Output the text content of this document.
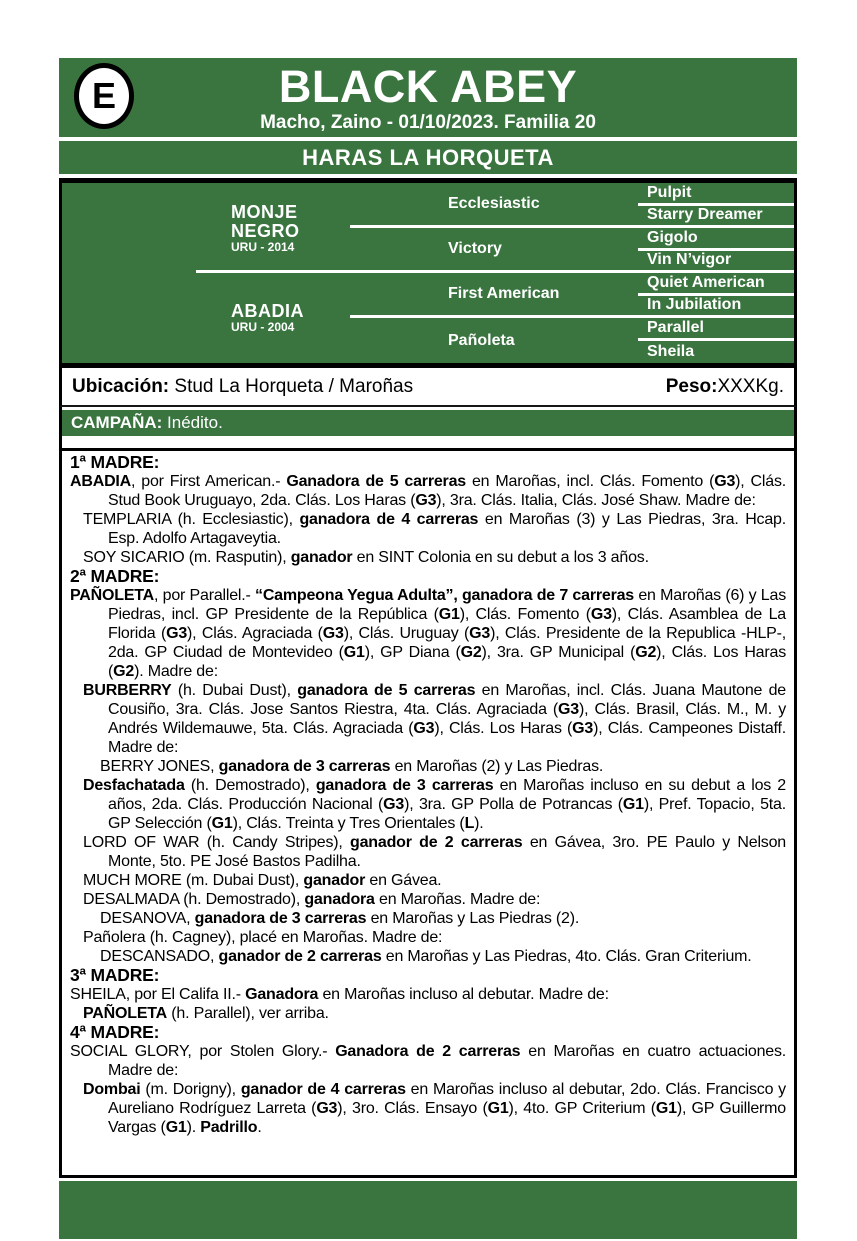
E	BLACK ABEY
Macho, Zaino - 01/10/2023. Familia 20
HARAS LA HORQUETA
MONJE NEGRO
URU - 2014
Ecclesiastic
Pulpit
Starry Dreamer
Victory
Gigolo
Vin N’vigor
ABADIA
URU - 2004
First American
Quiet American
In Jubilation
Pañoleta
Parallel
Sheila
Ubicación: Stud La Horqueta / Maroñas	Peso:XXXKg.
CAMPAÑA:
Inédito.
1ª MADRE:

ABADIA, por First American.- Ganadora de 5 carreras en Maroñas, incl. Clás. Fomento (G3), Clás. Stud Book Uruguayo, 2da. Clás. Los Haras (G3), 3ra. Clás. Italia, Clás. José Shaw. Madre de:

TEMPLARIA (h. Ecclesiastic), ganadora de 4 carreras en Maroñas (3) y Las Piedras, 3ra. Hcap. Esp. Adolfo Artagaveytia.

SOY SICARIO (m. Rasputin), ganador en SINT Colonia en su debut a los 3 años.

2ª MADRE:

PAÑOLETA, por Parallel.- “Campeona Yegua Adulta”, ganadora de 7 carreras en Maroñas (6) y Las Piedras, incl. GP Presidente de la República (G1), Clás. Fomento (G3), Clás. Asamblea de La Florida (G3), Clás. Agraciada (G3), Clás. Uruguay (G3), Clás. Presidente de la Republica -HLP-, 2da. GP Ciudad de Montevideo (G1), GP Diana (G2), 3ra. GP Municipal (G2), Clás. Los Haras (G2). Madre de:

BURBERRY (h. Dubai Dust), ganadora de 5 carreras en Maroñas, incl. Clás. Juana Mautone de Cousiño, 3ra. Clás. Jose Santos Riestra, 4ta. Clás. Agraciada (G3), Clás. Brasil, Clás. M., M. y Andrés Wildemauwe, 5ta. Clás. Agraciada (G3), Clás. Los Haras (G3), Clás. Campeones Distaff. Madre de:

BERRY JONES, ganadora de 3 carreras en Maroñas (2) y Las Piedras.

Desfachatada (h. Demostrado), ganadora de 3 carreras en Maroñas incluso en su debut a los 2 años, 2da. Clás. Producción Nacional (G3), 3ra. GP Polla de Potrancas (G1), Pref. Topacio, 5ta. GP Selección (G1), Clás. Treinta y Tres Orientales (L).

LORD OF WAR (h. Candy Stripes), ganador de 2 carreras en Gávea, 3ro. PE Paulo y Nelson Monte, 5to. PE José Bastos Padilha.

MUCH MORE (m. Dubai Dust), ganador en Gávea.

DESALMADA (h. Demostrado), ganadora en Maroñas. Madre de:

DESANOVA, ganadora de 3 carreras en Maroñas y Las Piedras (2).

Pañolera (h. Cagney), placé en Maroñas. Madre de:

DESCANSADO, ganador de 2 carreras en Maroñas y Las Piedras, 4to. Clás. Gran Criterium.

3ª MADRE:

SHEILA, por El Califa II.- Ganadora en Maroñas incluso al debutar. Madre de:

PAÑOLETA (h. Parallel), ver arriba.

4ª MADRE:

SOCIAL GLORY, por Stolen Glory.- Ganadora de 2 carreras en Maroñas en cuatro actuaciones. Madre de:

Dombai (m. Dorigny), ganador de 4 carreras en Maroñas incluso al debutar, 2do. Clás. Francisco y Aureliano Rodríguez Larreta (G3), 3ro. Clás. Ensayo (G1), 4to. GP Criterium (G1), GP Guillermo Vargas (G1). Padrillo.
